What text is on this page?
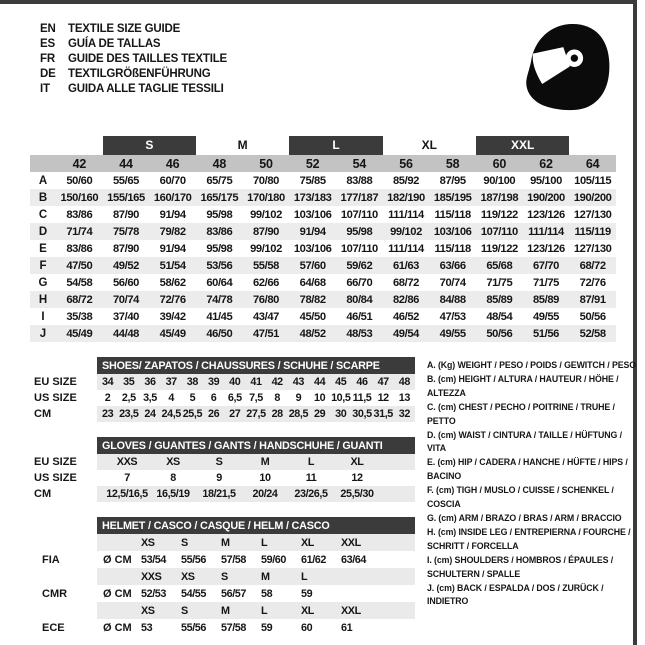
EN	TEXTILE SIZE GUIDE
ES	GUÍA DE TALLAS
FR	GUIDE DES TAILLES TEXTILE
DE	TEXTILGRÖßENFÜHRUNG
IT	GUIDA ALLE TAGLIE TESSILI
S	M	L	XL	XXL
42	44	46	48	50	52	54	56	58	60	62	64
A	50/60	55/65	60/70	65/75	70/80	75/85	83/88	85/92	87/95	90/100	95/100	105/115
B	150/160 155/165 160/170 165/175 170/180 173/183 177/187 182/190 185/195 187/198 190/200 190/200
C	83/86	87/90	91/94	95/98	99/102	103/106 107/110 111/114 115/118 119/122 123/126 127/130
D	71/74	75/78	79/82	83/86	87/90	91/94	95/98	99/102	103/106 107/110 111/114 115/119
E	83/86	87/90	91/94	95/98	99/102	103/106 107/110 111/114 115/118 119/122 123/126 127/130
F	47/50	49/52	51/54	53/56	55/58	57/60	59/62	61/63	63/66	65/68	67/70	68/72
G	54/58	56/60	58/62	60/64	62/66	64/68	66/70	68/72	70/74	71/75	71/75	72/76
H	68/72	70/74	72/76	74/78	76/80	78/82	80/84	82/86	84/88	85/89	85/89	87/91
I	35/38	37/40	39/42	41/45	43/47	45/50	46/51	46/52	47/53	48/54	49/55	50/56
J	45/49	44/48	45/49	46/50	47/51	48/52	48/53	49/54	49/55	50/56	51/56	52/58
SHOES/ ZAPATOS / CHAUSSURES / SCHUHE / SCARPE
EU SIZE	34 35 36 37 38 39 40 41 42 43 44 45 46 47 48
US SIZE	2	2,5 3,5	4	5	6	6,5 7,5	8	9	10 10,5 11,5 12 13
CM	23 23,5 24 24,5 25,5 26 27 27,5 28 28,5 29 30 30,5 31,5 32
GLOVES / GUANTES / GANTS / HANDSCHUHE / GUANTI
EU SIZE	XXS	XS	S	M	L	XL
US SIZE	7	8	9	10	11	12
CM	12,5/16,5 16,5/19	18/21,5	20/24	23/26,5	25,5/30
HELMET / CASCO / CASQUE / HELM / CASCO
XS	S	M	L	XL	XXL
FIA	Ø CM 53/54	55/56	57/58	59/60	61/62	63/64
XXS	XS	S	M	L
CMR	Ø CM 52/53	54/55	56/57	58	59
XS	S	M	L	XL	XXL
ECE	Ø CM 53	55/56	57/58	59	60	61
A. (Kg) WEIGHT / PESO / POIDS / GEWITCH / PESO
B. (cm) HEIGHT / ALTURA / HAUTEUR / HÖHE / ALTEZZA
C. (cm) CHEST / PECHO / POITRINE / TRUHE / PETTO
D. (cm) WAIST / CINTURA / TAILLE / HÜFTUNG / VITA
E. (cm) HIP / CADERA / HANCHE / HÜFTE / HIPS / BACINO
F. (cm) TIGH / MUSLO / CUISSE / SCHENKEL / COSCIA
G. (cm) ARM / BRAZO / BRAS / ARM / BRACCIO
H. (cm) INSIDE LEG / ENTREPIERNA / FOURCHE / SCHRITT / FORCELLA
I. (cm) SHOULDERS / HOMBROS / ÉPAULES / SCHULTERN / SPALLE
J. (cm) BACK / ESPALDA / DOS / ZURÜCK / INDIETRO
